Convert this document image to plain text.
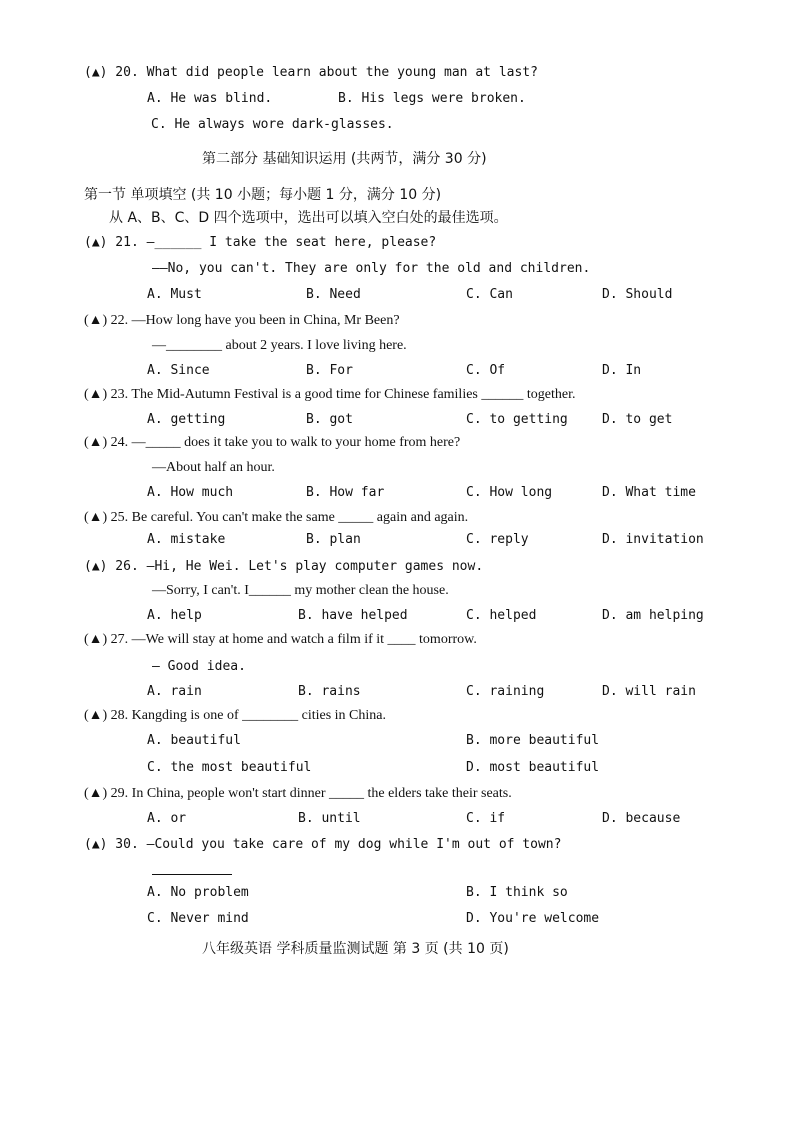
(▲) 20. What did people learn about the young man at last?
A. He was blind.	B. His legs were broken.
C. He always wore dark-glasses.
第二部分 基础知识运用 (共两节，满分 30 分)
第一节 单项填空 (共 10 小题；每小题 1 分，满分 10 分)
从 A、B、C、D 四个选项中，选出可以填入空白处的最佳选项。
(▲) 21. —______ I take the seat here, please?
——No, you can't. They are only for the old and children.
A. Must	B. Need	C. Can	D. Should
(▲) 22. —How long have you been in China, Mr Been?
—________ about 2 years. I love living here.
A. Since	B. For	C. Of	D. In
(▲) 23. The Mid-Autumn Festival is a good time for Chinese families ______ together.
A. getting	B. got	C. to getting	D. to get
(▲) 24. —_____ does it take you to walk to your home from here?
—About half an hour.
A. How much	B. How far	C. How long	D. What time
(▲) 25. Be careful. You can't make the same _____ again and again.
A. mistake	B. plan	C. reply	D. invitation
(▲) 26. —Hi, He Wei. Let's play computer games now.
—Sorry, I can't. I______ my mother clean the house.
A. help	B. have helped	C. helped	D. am helping
(▲) 27. —We will stay at home and watch a film if it ____ tomorrow.
— Good idea.
A. rain	B. rains	C. raining	D. will rain
(▲) 28. Kangding is one of ________ cities in China.
A. beautiful	B. more beautiful
C. the most beautiful	D. most beautiful
(▲) 29. In China, people won't start dinner _____ the elders take their seats.
A. or	B. until	C. if	D. because
(▲) 30. —Could you take care of my dog while I'm out of town?
A. No problem	B. I think so
C. Never mind	D. You're welcome
八年级英语 学科质量监测试题 第 3 页 (共 10 页)
